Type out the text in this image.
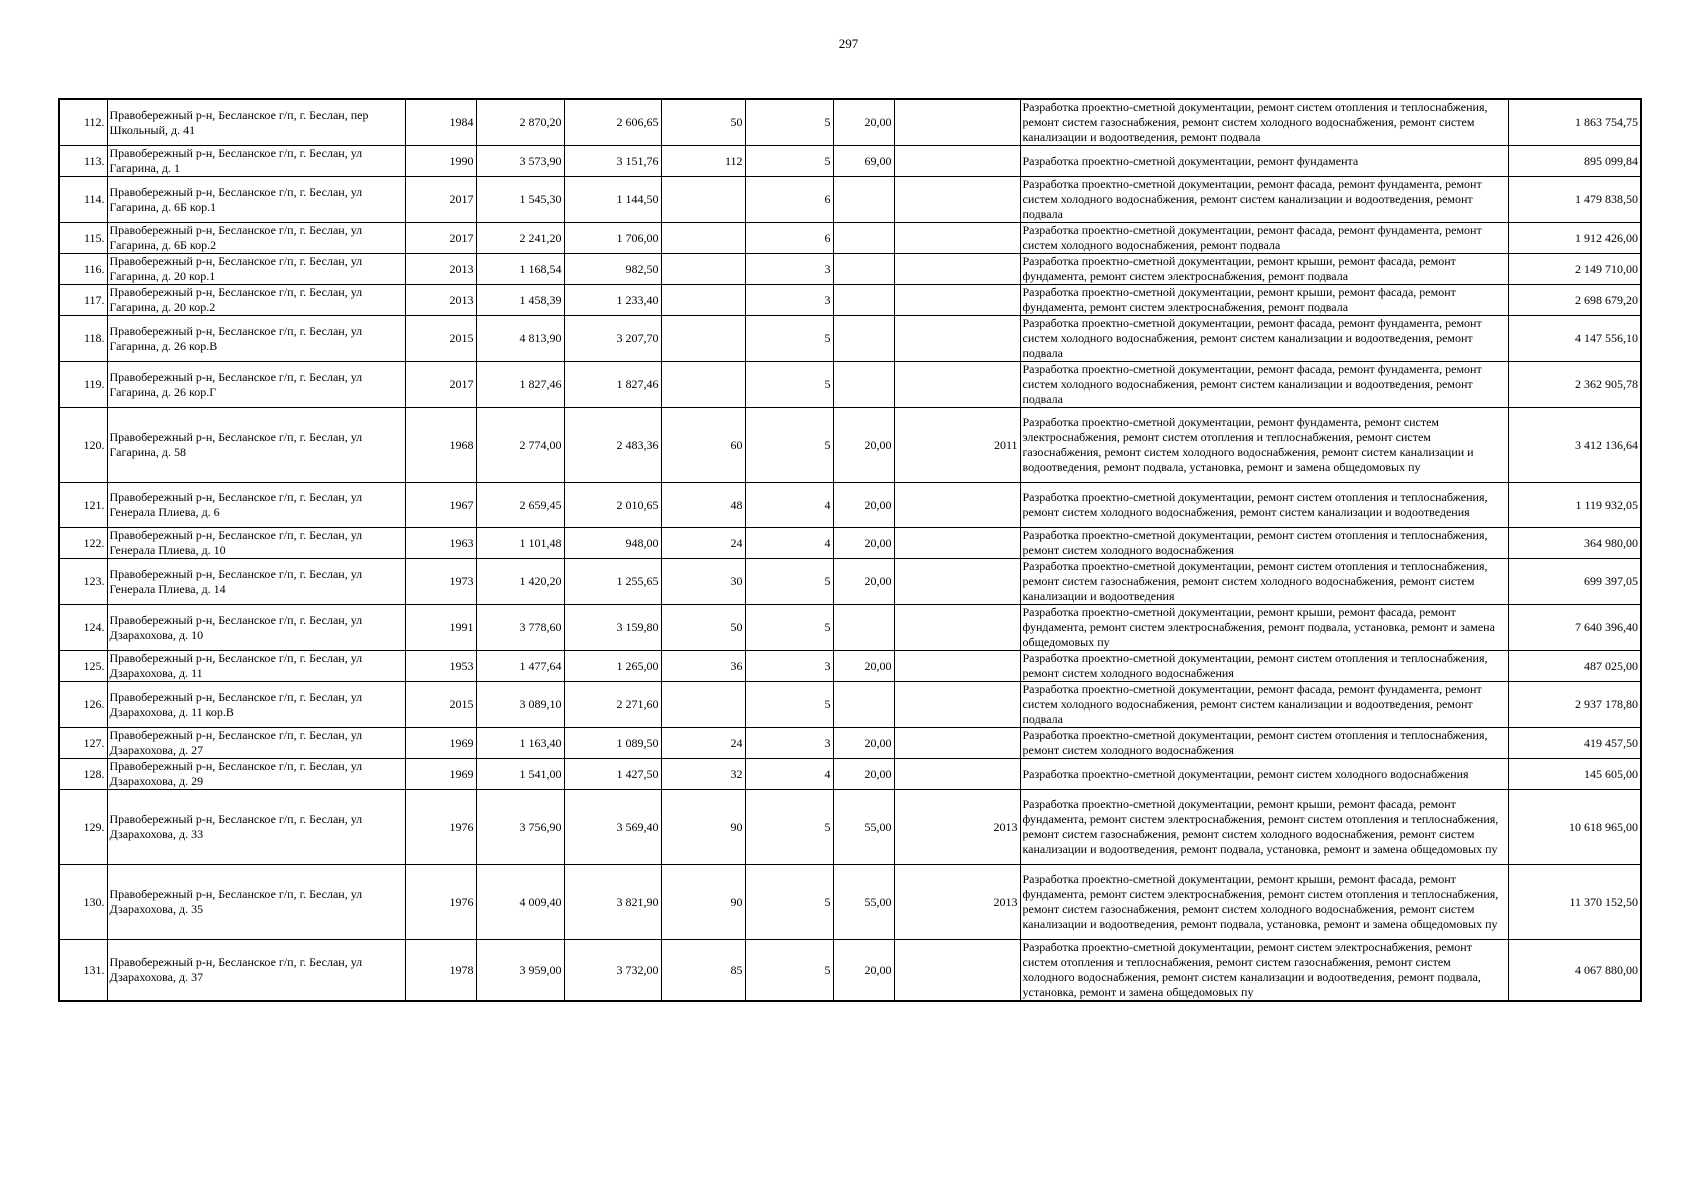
297
112.	Правобережный р-н, Бесланское г/п, г. Беслан, пер Школьный, д. 41	1984	2 870,20	2 606,65	50	5	20,00		Разработка проектно-сметной документации, ремонт систем отопления и теплоснабжения, ремонт систем газоснабжения, ремонт систем холодного водоснабжения, ремонт систем канализации и водоотведения, ремонт подвала	1 863 754,75
113.	Правобережный р-н, Бесланское г/п, г. Беслан, ул Гагарина, д. 1	1990	3 573,90	3 151,76	112	5	69,00		Разработка проектно-сметной документации, ремонт фундамента	895 099,84
114.	Правобережный р-н, Бесланское г/п, г. Беслан, ул Гагарина, д. 6Б кор.1	2017	1 545,30	1 144,50		6			Разработка проектно-сметной документации, ремонт фасада, ремонт фундамента, ремонт систем холодного водоснабжения, ремонт систем канализации и водоотведения, ремонт подвала	1 479 838,50
115.	Правобережный р-н, Бесланское г/п, г. Беслан, ул Гагарина, д. 6Б кор.2	2017	2 241,20	1 706,00		6			Разработка проектно-сметной документации, ремонт фасада, ремонт фундамента, ремонт систем холодного водоснабжения, ремонт подвала	1 912 426,00
116.	Правобережный р-н, Бесланское г/п, г. Беслан, ул Гагарина, д. 20 кор.1	2013	1 168,54	982,50		3			Разработка проектно-сметной документации, ремонт крыши, ремонт фасада, ремонт фундамента, ремонт систем электроснабжения, ремонт подвала	2 149 710,00
117.	Правобережный р-н, Бесланское г/п, г. Беслан, ул Гагарина, д. 20 кор.2	2013	1 458,39	1 233,40		3			Разработка проектно-сметной документации, ремонт крыши, ремонт фасада, ремонт фундамента, ремонт систем электроснабжения, ремонт подвала	2 698 679,20
118.	Правобережный р-н, Бесланское г/п, г. Беслан, ул Гагарина, д. 26 кор.В	2015	4 813,90	3 207,70		5			Разработка проектно-сметной документации, ремонт фасада, ремонт фундамента, ремонт систем холодного водоснабжения, ремонт систем канализации и водоотведения, ремонт подвала	4 147 556,10
119.	Правобережный р-н, Бесланское г/п, г. Беслан, ул Гагарина, д. 26 кор.Г	2017	1 827,46	1 827,46		5			Разработка проектно-сметной документации, ремонт фасада, ремонт фундамента, ремонт систем холодного водоснабжения, ремонт систем канализации и водоотведения, ремонт подвала	2 362 905,78
120.	Правобережный р-н, Бесланское г/п, г. Беслан, ул Гагарина, д. 58	1968	2 774,00	2 483,36	60	5	20,00	2011	Разработка проектно-сметной документации, ремонт фундамента, ремонт систем электроснабжения, ремонт систем отопления и теплоснабжения, ремонт систем газоснабжения, ремонт систем холодного водоснабжения, ремонт систем канализации и водоотведения, ремонт подвала, установка, ремонт и замена общедомовых пу	3 412 136,64
121.	Правобережный р-н, Бесланское г/п, г. Беслан, ул Генерала Плиева, д. 6	1967	2 659,45	2 010,65	48	4	20,00		Разработка проектно-сметной документации, ремонт систем отопления и теплоснабжения, ремонт систем холодного водоснабжения, ремонт систем канализации и водоотведения	1 119 932,05
122.	Правобережный р-н, Бесланское г/п, г. Беслан, ул Генерала Плиева, д. 10	1963	1 101,48	948,00	24	4	20,00		Разработка проектно-сметной документации, ремонт систем отопления и теплоснабжения, ремонт систем холодного водоснабжения	364 980,00
123.	Правобережный р-н, Бесланское г/п, г. Беслан, ул Генерала Плиева, д. 14	1973	1 420,20	1 255,65	30	5	20,00		Разработка проектно-сметной документации, ремонт систем отопления и теплоснабжения, ремонт систем газоснабжения, ремонт систем холодного водоснабжения, ремонт систем канализации и водоотведения	699 397,05
124.	Правобережный р-н, Бесланское г/п, г. Беслан, ул Дзарахохова, д. 10	1991	3 778,60	3 159,80	50	5			Разработка проектно-сметной документации, ремонт крыши, ремонт фасада, ремонт фундамента, ремонт систем электроснабжения, ремонт подвала, установка, ремонт и замена общедомовых пу	7 640 396,40
125.	Правобережный р-н, Бесланское г/п, г. Беслан, ул Дзарахохова, д. 11	1953	1 477,64	1 265,00	36	3	20,00		Разработка проектно-сметной документации, ремонт систем отопления и теплоснабжения, ремонт систем холодного водоснабжения	487 025,00
126.	Правобережный р-н, Бесланское г/п, г. Беслан, ул Дзарахохова, д. 11 кор.В	2015	3 089,10	2 271,60		5			Разработка проектно-сметной документации, ремонт фасада, ремонт фундамента, ремонт систем холодного водоснабжения, ремонт систем канализации и водоотведения, ремонт подвала	2 937 178,80
127.	Правобережный р-н, Бесланское г/п, г. Беслан, ул Дзарахохова, д. 27	1969	1 163,40	1 089,50	24	3	20,00		Разработка проектно-сметной документации, ремонт систем отопления и теплоснабжения, ремонт систем холодного водоснабжения	419 457,50
128.	Правобережный р-н, Бесланское г/п, г. Беслан, ул Дзарахохова, д. 29	1969	1 541,00	1 427,50	32	4	20,00		Разработка проектно-сметной документации, ремонт систем холодного водоснабжения	145 605,00
129.	Правобережный р-н, Бесланское г/п, г. Беслан, ул Дзарахохова, д. 33	1976	3 756,90	3 569,40	90	5	55,00	2013	Разработка проектно-сметной документации, ремонт крыши, ремонт фасада, ремонт фундамента, ремонт систем электроснабжения, ремонт систем отопления и теплоснабжения, ремонт систем газоснабжения, ремонт систем холодного водоснабжения, ремонт систем канализации и водоотведения, ремонт подвала, установка, ремонт и замена общедомовых пу	10 618 965,00
130.	Правобережный р-н, Бесланское г/п, г. Беслан, ул Дзарахохова, д. 35	1976	4 009,40	3 821,90	90	5	55,00	2013	Разработка проектно-сметной документации, ремонт крыши, ремонт фасада, ремонт фундамента, ремонт систем электроснабжения, ремонт систем отопления и теплоснабжения, ремонт систем газоснабжения, ремонт систем холодного водоснабжения, ремонт систем канализации и водоотведения, ремонт подвала, установка, ремонт и замена общедомовых пу	11 370 152,50
131.	Правобережный р-н, Бесланское г/п, г. Беслан, ул Дзарахохова, д. 37	1978	3 959,00	3 732,00	85	5	20,00		Разработка проектно-сметной документации, ремонт систем электроснабжения, ремонт систем отопления и теплоснабжения, ремонт систем газоснабжения, ремонт систем холодного водоснабжения, ремонт систем канализации и водоотведения, ремонт подвала, установка, ремонт и замена общедомовых пу	4 067 880,00
